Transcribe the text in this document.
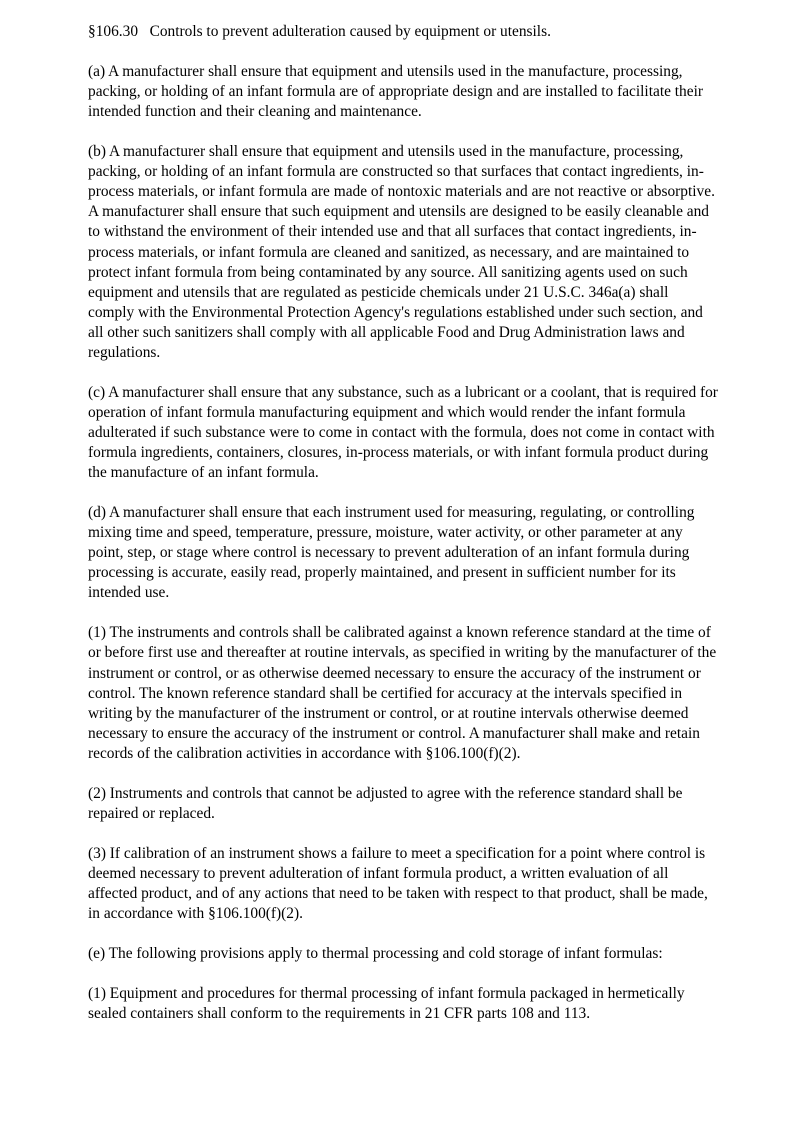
§106.30   Controls to prevent adulteration caused by equipment or utensils.

(a) A manufacturer shall ensure that equipment and utensils used in the manufacture, processing, packing, or holding of an infant formula are of appropriate design and are installed to facilitate their intended function and their cleaning and maintenance.

(b) A manufacturer shall ensure that equipment and utensils used in the manufacture, processing, packing, or holding of an infant formula are constructed so that surfaces that contact ingredients, in-process materials, or infant formula are made of nontoxic materials and are not reactive or absorptive. A manufacturer shall ensure that such equipment and utensils are designed to be easily cleanable and to withstand the environment of their intended use and that all surfaces that contact ingredients, in-process materials, or infant formula are cleaned and sanitized, as necessary, and are maintained to protect infant formula from being contaminated by any source. All sanitizing agents used on such equipment and utensils that are regulated as pesticide chemicals under 21 U.S.C. 346a(a) shall comply with the Environmental Protection Agency's regulations established under such section, and all other such sanitizers shall comply with all applicable Food and Drug Administration laws and regulations.

(c) A manufacturer shall ensure that any substance, such as a lubricant or a coolant, that is required for operation of infant formula manufacturing equipment and which would render the infant formula adulterated if such substance were to come in contact with the formula, does not come in contact with formula ingredients, containers, closures, in-process materials, or with infant formula product during the manufacture of an infant formula.

(d) A manufacturer shall ensure that each instrument used for measuring, regulating, or controlling mixing time and speed, temperature, pressure, moisture, water activity, or other parameter at any point, step, or stage where control is necessary to prevent adulteration of an infant formula during processing is accurate, easily read, properly maintained, and present in sufficient number for its intended use.

(1) The instruments and controls shall be calibrated against a known reference standard at the time of or before first use and thereafter at routine intervals, as specified in writing by the manufacturer of the instrument or control, or as otherwise deemed necessary to ensure the accuracy of the instrument or control. The known reference standard shall be certified for accuracy at the intervals specified in writing by the manufacturer of the instrument or control, or at routine intervals otherwise deemed necessary to ensure the accuracy of the instrument or control. A manufacturer shall make and retain records of the calibration activities in accordance with §106.100(f)(2).

(2) Instruments and controls that cannot be adjusted to agree with the reference standard shall be repaired or replaced.

(3) If calibration of an instrument shows a failure to meet a specification for a point where control is deemed necessary to prevent adulteration of infant formula product, a written evaluation of all affected product, and of any actions that need to be taken with respect to that product, shall be made, in accordance with §106.100(f)(2).

(e) The following provisions apply to thermal processing and cold storage of infant formulas:

(1) Equipment and procedures for thermal processing of infant formula packaged in hermetically sealed containers shall conform to the requirements in 21 CFR parts 108 and 113.
